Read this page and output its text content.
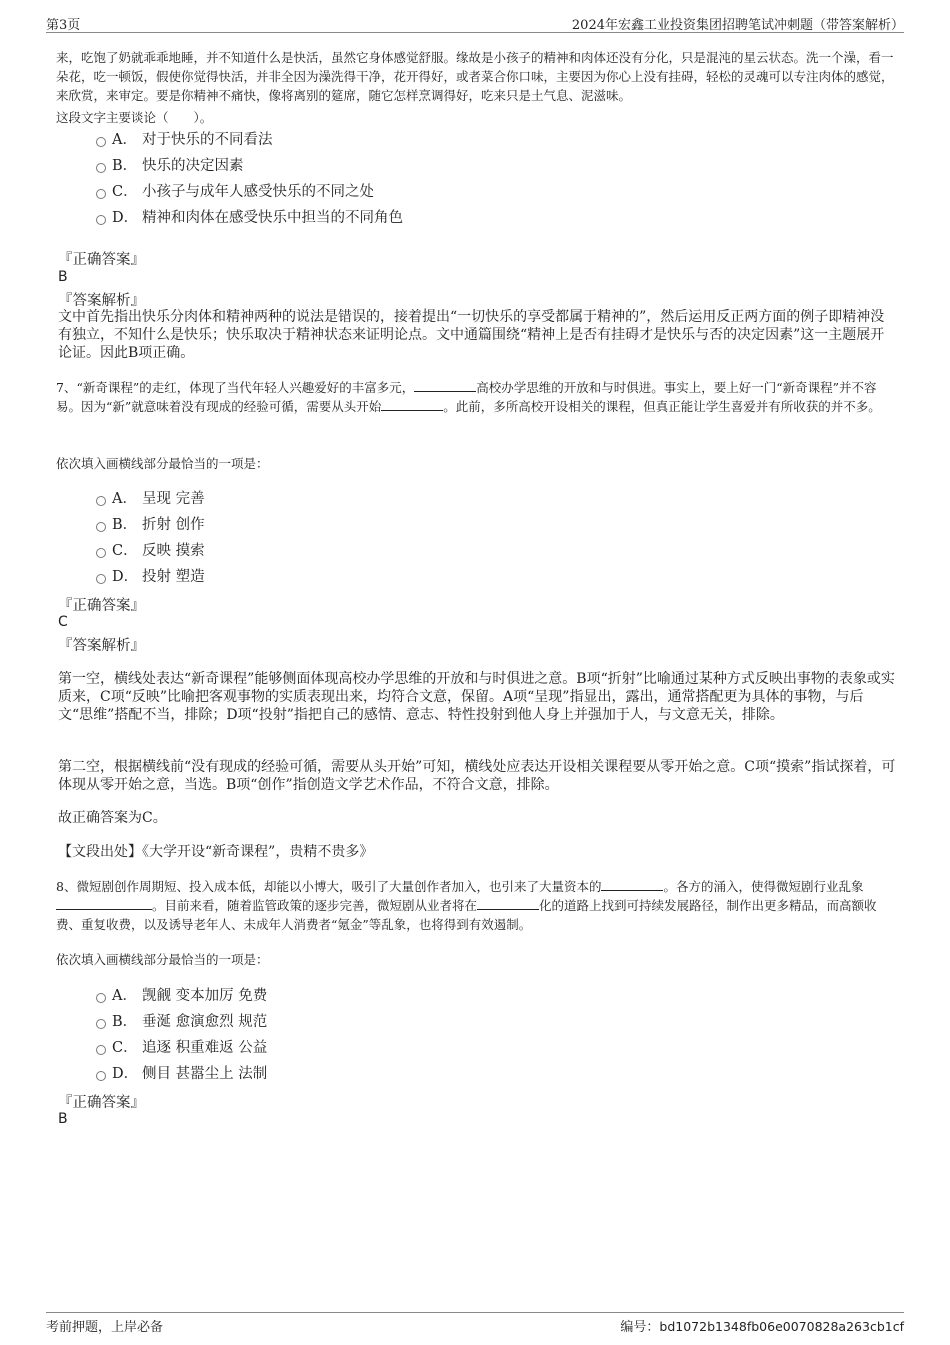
第3页	2024年宏鑫工业投资集团招聘笔试冲刺题（带答案解析）

来，吃饱了奶就乖乖地睡，并不知道什么是快活，虽然它身体感觉舒服。缘故是小孩子的精神和肉体还没有分化，只是混沌的星云状态。洗一个澡，看一朵花，吃一顿饭，假使你觉得快活，并非全因为澡洗得干净，花开得好，或者菜合你口味，主要因为你心上没有挂碍，轻松的灵魂可以专注肉体的感觉，来欣赏，来审定。要是你精神不痛快，像将离别的筵席，随它怎样烹调得好，吃来只是土气息、泥滋味。

这段文字主要谈论（　　）。

A． 对于快乐的不同看法
B． 快乐的决定因素
C． 小孩子与成年人感受快乐的不同之处
D． 精神和肉体在感受快乐中担当的不同角色

『正确答案』

B

『答案解析』

文中首先指出快乐分肉体和精神两种的说法是错误的，接着提出“一切快乐的享受都属于精神的”，然后运用反正两方面的例子即精神没有独立，不知什么是快乐；快乐取决于精神状态来证明论点。文中通篇围绕“精神上是否有挂碍才是快乐与否的决定因素”这一主题展开论证。因此B项正确。

7、“新奇课程”的走红，体现了当代年轻人兴趣爱好的丰富多元，	高校办学思维的开放和与时俱进。事实上，要上好一门“新奇课程”并不容易。因为“新”就意味着没有现成的经验可循，需要从头开始	。此前，多所高校开设相关的课程，但真正能让学生喜爱并有所收获的并不多。

依次填入画横线部分最恰当的一项是：

A． 呈现 完善
B． 折射 创作
C． 反映 摸索
D． 投射 塑造

『正确答案』

C

『答案解析』

第一空，横线处表达“新奇课程”能够侧面体现高校办学思维的开放和与时俱进之意。B项“折射”比喻通过某种方式反映出事物的表象或实质来，C项“反映”比喻把客观事物的实质表现出来，均符合文意，保留。A项“呈现”指显出，露出，通常搭配更为具体的事物，与后文“思维”搭配不当，排除；D项“投射”指把自己的感情、意志、特性投射到他人身上并强加于人，与文意无关，排除。

第二空，根据横线前“没有现成的经验可循，需要从头开始”可知，横线处应表达开设相关课程要从零开始之意。C项“摸索”指试探着，可体现从零开始之意，当选。B项“创作”指创造文学艺术作品，不符合文意，排除。

故正确答案为C。

【文段出处】《大学开设“新奇课程”，贵精不贵多》

8、微短剧创作周期短、投入成本低，却能以小博大，吸引了大量创作者加入，也引来了大量资本的	。各方的涌入，使得微短剧行业乱象。目前来看，随着监管政策的逐步完善，微短剧从业者将在	化的道路上找到可持续发展路径，制作出更多精品，而高额收费、重复收费，以及诱导老年人、未成年人消费者“氪金”等乱象，也将得到有效遏制。

依次填入画横线部分最恰当的一项是：

A． 觊觎 变本加厉 免费
B． 垂涎 愈演愈烈 规范
C． 追逐 积重难返 公益
D． 侧目 甚嚣尘上 法制

『正确答案』

B

考前押题，上岸必备	编号：bd1072b1348fb06e0070828a263cb1cf
